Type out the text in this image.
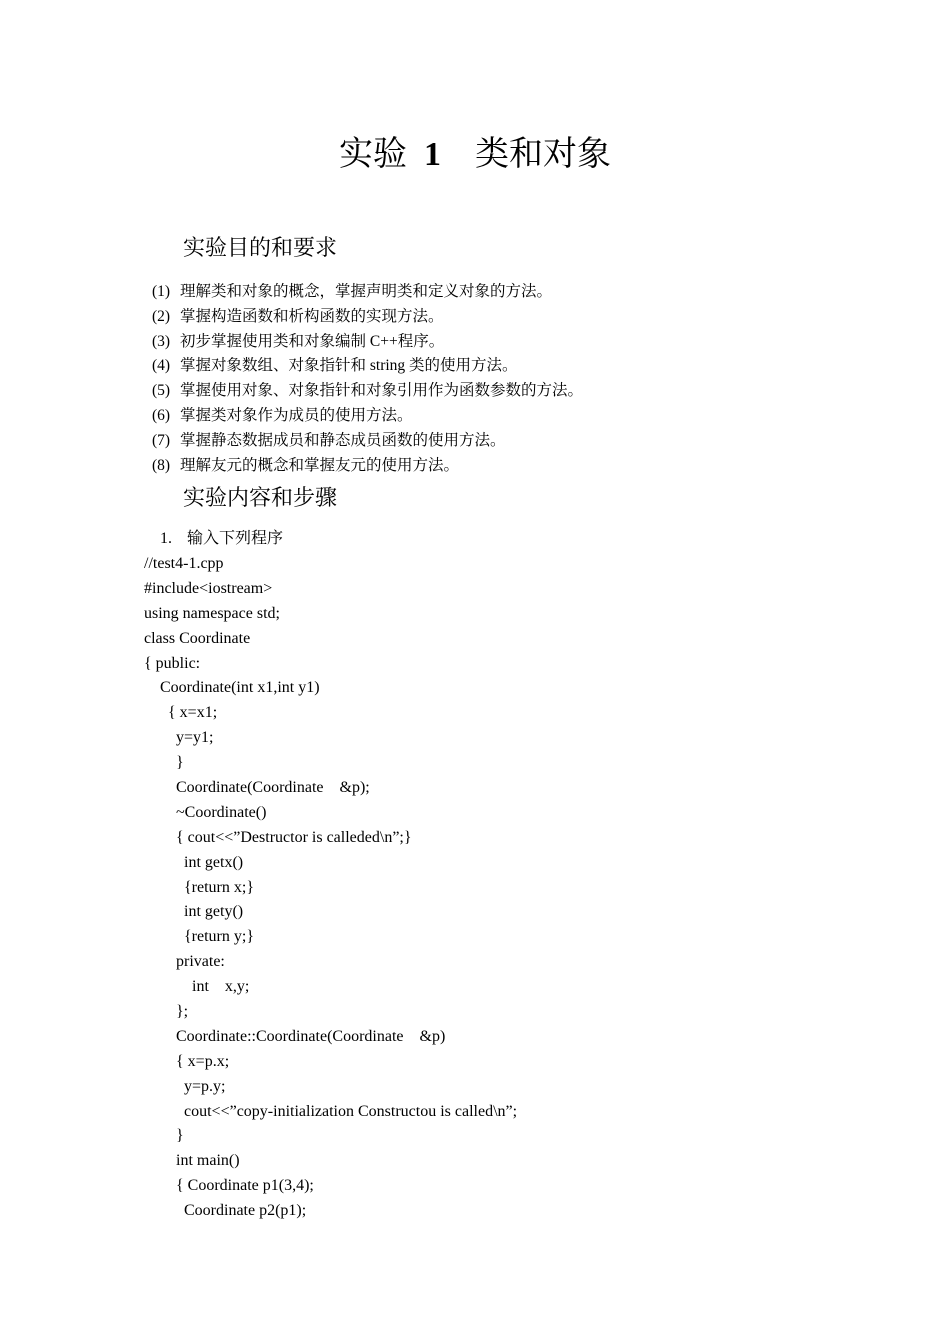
实验 1 类和对象
实验目的和要求
(1) 理解类和对象的概念，掌握声明类和定义对象的方法。
(2) 掌握构造函数和析构函数的实现方法。
(3) 初步掌握使用类和对象编制 C++程序。
(4) 掌握对象数组、对象指针和 string 类的使用方法。
(5) 掌握使用对象、对象指针和对象引用作为函数参数的方法。
(6) 掌握类对象作为成员的使用方法。
(7) 掌握静态数据成员和静态成员函数的使用方法。
(8) 理解友元的概念和掌握友元的使用方法。
实验内容和步骤
1. 输入下列程序
//test4-1.cpp
#include<iostream>
using namespace std;
class Coordinate
{ public:
Coordinate(int x1,int y1)
{ x=x1;
y=y1;
}
Coordinate(Coordinate    &p);
~Coordinate()
{ cout<<”Destructor is calleded\n”;}
int getx()
{return x;}
int gety()
{return y;}
private:
int    x,y;
};
Coordinate::Coordinate(Coordinate    &p)
{ x=p.x;
y=p.y;
cout<<”copy-initialization Constructou is called\n”;
}
int main()
{ Coordinate p1(3,4);
Coordinate p2(p1);
